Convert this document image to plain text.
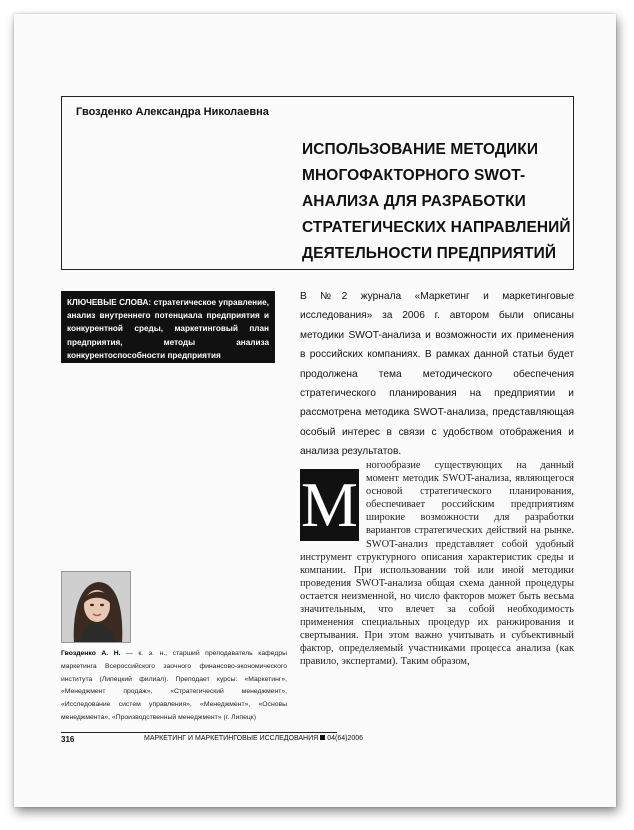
Гвозденко Александра Николаевна
ИСПОЛЬЗОВАНИЕ МЕТОДИКИ МНОГОФАКТОРНОГО SWOT-АНАЛИЗА ДЛЯ РАЗРАБОТКИ СТРАТЕГИЧЕСКИХ НАПРАВЛЕНИЙ ДЕЯТЕЛЬНОСТИ ПРЕДПРИЯТИЙ
КЛЮЧЕВЫЕ СЛОВА: стратегическое управление, анализ внутреннего потенциала предприятия и конкурентной среды, маркетинговый план предприятия, методы анализа конкурентоспособности предприятия
В №2 журнала «Маркетинг и маркетинговые исследования» за 2006 г. автором были описаны методики SWOT-анализа и возможности их применения в российских компаниях. В рамках данной статьи будет продолжена тема методического обеспечения стратегического планирования на предприятии и рассмотрена методика SWOT-анализа, представляющая особый интерес в связи с удобством отображения и анализа результатов.
М
ногообразие существующих на данный момент методик SWOT-анализа, являющегося основой стратегического планирования, обеспечивает российским предприятиям широкие возможности для разработки вариантов стратегических действий на рынке. SWOT-анализ представляет собой удобный инструмент структурного описания характеристик среды и компании. При использовании той или иной методики проведения SWOT-анализа общая схема данной процедуры остается неизменной, но число факторов может быть весьма значительным, что влечет за собой необходимость применения специальных процедур их ранжирования и свертывания. При этом важно учитывать и субъективный фактор, определяемый участниками процесса анализа (как правило, экспертами). Таким образом,
Гвозденко А. Н. — к. э. н., старший преподаватель кафедры маркетинга Всероссийского заочного финансово-экономического института (Липецкий филиал). Преподает курсы: «Маркетинг», «Менеджмент продаж», «Стратегический менеджмент», «Исследование систем управления», «Менеджмент», «Основы менеджмента», «Производственный менеджмент» (г. Липецк)
316	МАРКЕТИНГ И МАРКЕТИНГОВЫЕ ИССЛЕДОВАНИЯ 04(64)2006
